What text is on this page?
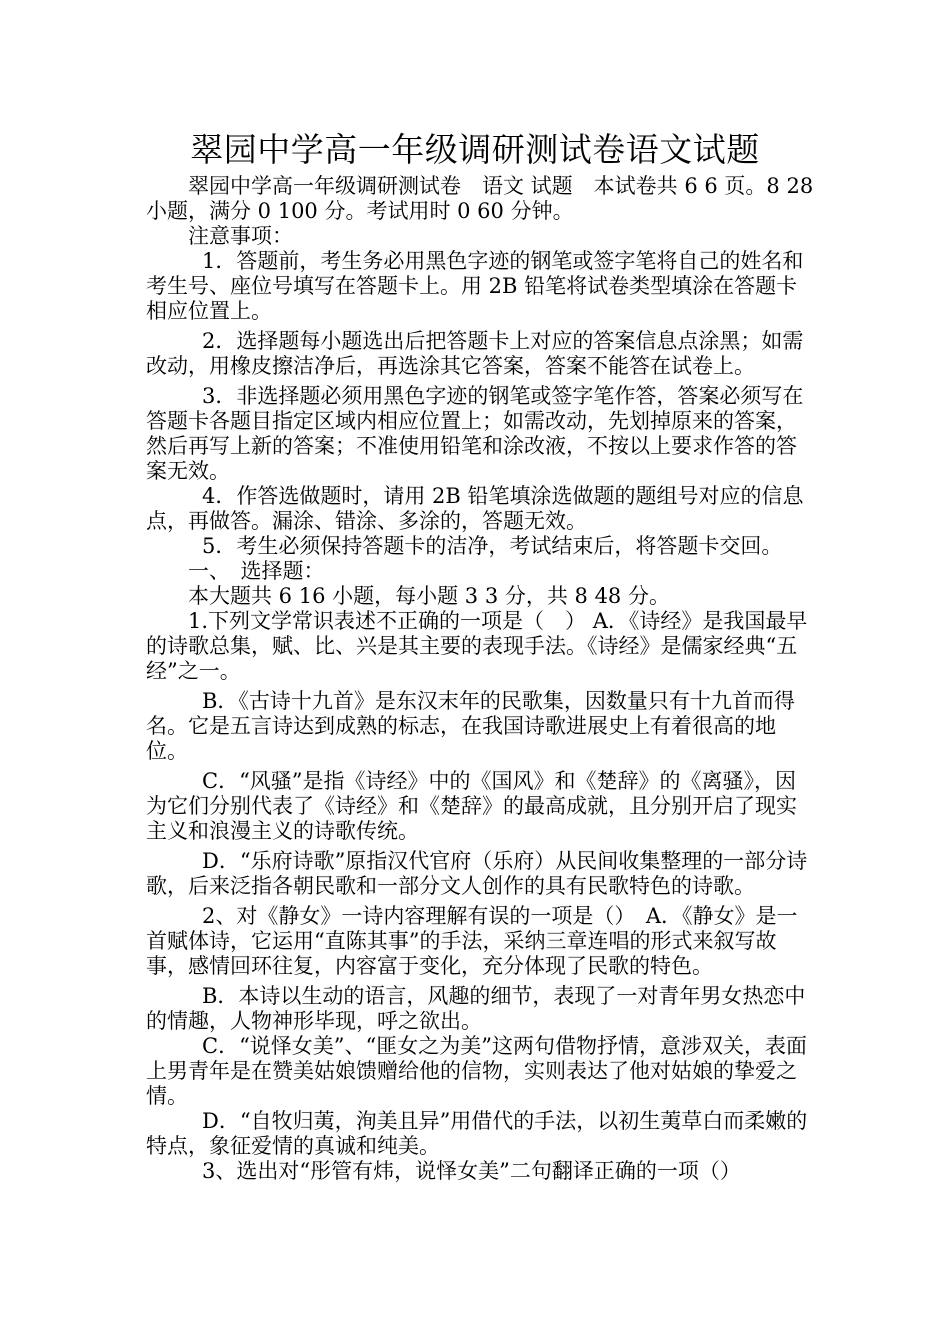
翠园中学高一年级调研测试卷语文试题

翠园中学高一年级调研测试卷　语文 试题　本试卷共 6 6 页。8 28 小题，满分 0 100 分。考试用时 0 60 分钟。

注意事项：

1．答题前，考生务必用黑色字迹的钢笔或签字笔将自己的姓名和考生号、座位号填写在答题卡上。用 2B 铅笔将试卷类型填涂在答题卡相应位置上。

2．选择题每小题选出后把答题卡上对应的答案信息点涂黑；如需改动，用橡皮擦洁净后，再选涂其它答案，答案不能答在试卷上。

3．非选择题必须用黑色字迹的钢笔或签字笔作答，答案必须写在答题卡各题目指定区域内相应位置上；如需改动，先划掉原来的答案，然后再写上新的答案；不准使用铅笔和涂改液，不按以上要求作答的答案无效。

4．作答选做题时，请用 2B 铅笔填涂选做题的题组号对应的信息点，再做答。漏涂、错涂、多涂的，答题无效。

5．考生必须保持答题卡的洁净，考试结束后，将答题卡交回。

一、　选择题：

本大题共 6 16 小题，每小题 3 3 分，共 8 48 分。

1.下列文学常识表述不正确的一项是（　） A．《诗经》是我国最早的诗歌总集，赋、比、兴是其主要的表现手法。《诗经》是儒家经典“五经”之一。

B．《古诗十九首》是东汉末年的民歌集，因数量只有十九首而得名。它是五言诗达到成熟的标志，在我国诗歌进展史上有着很高的地位。

C．“风骚”是指《诗经》中的《国风》和《楚辞》的《离骚》，因为它们分别代表了《诗经》和《楚辞》的最高成就，且分别开启了现实主义和浪漫主义的诗歌传统。

D．“乐府诗歌”原指汉代官府（乐府）从民间收集整理的一部分诗歌，后来泛指各朝民歌和一部分文人创作的具有民歌特色的诗歌。

2、对《静女》一诗内容理解有误的一项是（）　A．《静女》是一首赋体诗，它运用“直陈其事”的手法，采纳三章连唱的形式来叙写故事，感情回环往复，内容富于变化，充分体现了民歌的特色。

B．本诗以生动的语言，风趣的细节，表现了一对青年男女热恋中的情趣，人物神形毕现，呼之欲出。

C．“说怿女美”、“匪女之为美”这两句借物抒情，意涉双关，表面上男青年是在赞美姑娘馈赠给他的信物，实则表达了他对姑娘的挚爱之情。

D．“自牧归荑，洵美且异”用借代的手法，以初生荑草白而柔嫩的特点，象征爱情的真诚和纯美。

3、选出对“彤管有炜，说怿女美”二句翻译正确的一项（）
